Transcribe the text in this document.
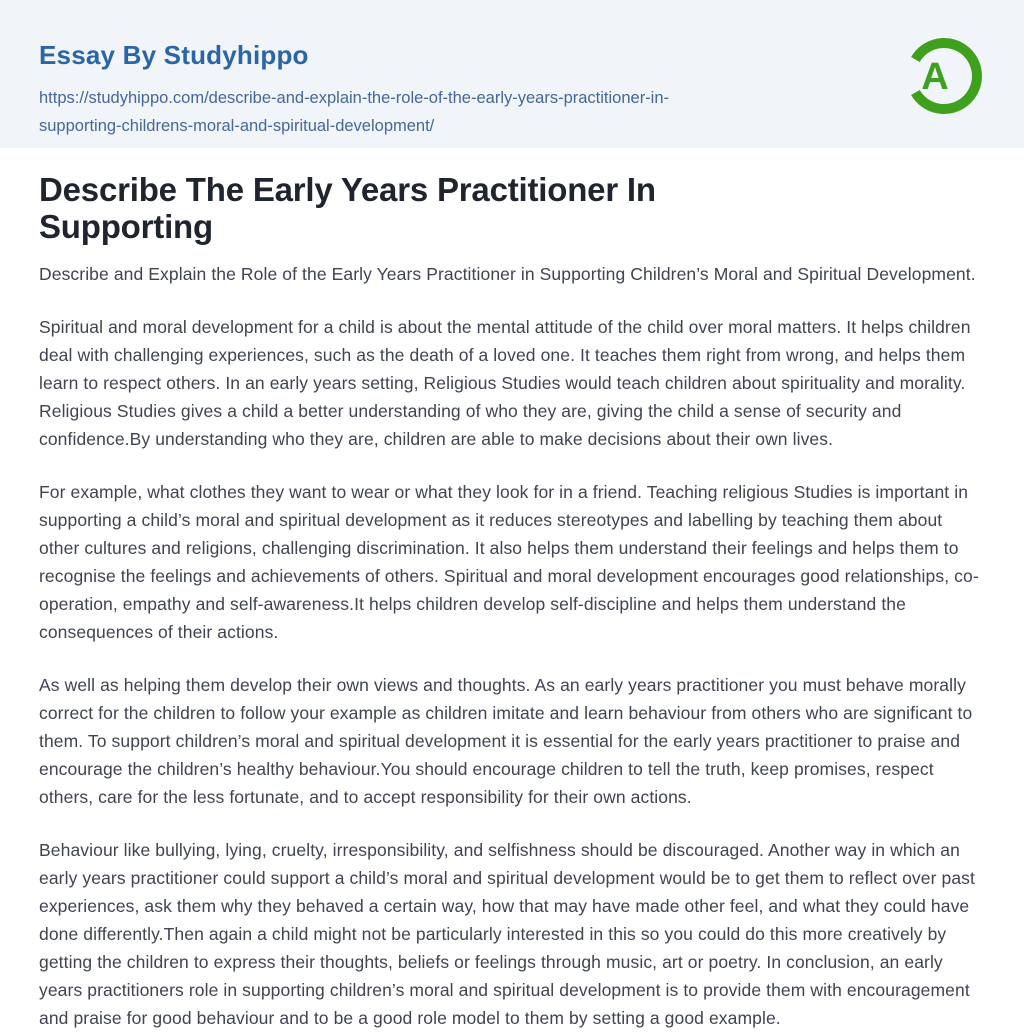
Essay By Studyhippo
https://studyhippo.com/describe-and-explain-the-role-of-the-early-years-practitioner-in-
supporting-childrens-moral-and-spiritual-development/
A
Describe The Early Years Practitioner In
Supporting

Describe and Explain the Role of the Early Years Practitioner in Supporting Children’s Moral and Spiritual Development.

Spiritual and moral development for a child is about the mental attitude of the child over moral matters. It helps children deal with challenging experiences, such as the death of a loved one. It teaches them right from wrong, and helps them learn to respect others. In an early years setting, Religious Studies would teach children about spirituality and morality. Religious Studies gives a child a better understanding of who they are, giving the child a sense of security and confidence.By understanding who they are, children are able to make decisions about their own lives.

For example, what clothes they want to wear or what they look for in a friend. Teaching religious Studies is important in supporting a child’s moral and spiritual development as it reduces stereotypes and labelling by teaching them about other cultures and religions, challenging discrimination. It also helps them understand their feelings and helps them to recognise the feelings and achievements of others. Spiritual and moral development encourages good relationships, co-operation, empathy and self-awareness.It helps children develop self-discipline and helps them understand the consequences of their actions.

As well as helping them develop their own views and thoughts. As an early years practitioner you must behave morally correct for the children to follow your example as children imitate and learn behaviour from others who are significant to them. To support children’s moral and spiritual development it is essential for the early years practitioner to praise and encourage the children’s healthy behaviour.You should encourage children to tell the truth, keep promises, respect others, care for the less fortunate, and to accept responsibility for their own actions.

Behaviour like bullying, lying, cruelty, irresponsibility, and selfishness should be discouraged. Another way in which an early years practitioner could support a child’s moral and spiritual development would be to get them to reflect over past experiences, ask them why they behaved a certain way, how that may have made other feel, and what they could have done differently.Then again a child might not be particularly interested in this so you could do this more creatively by getting the children to express their thoughts, beliefs or feelings through music, art or poetry. In conclusion, an early years practitioners role in supporting children’s moral and spiritual development is to provide them with encouragement and praise for good behaviour and to be a good role model to them by setting a good example.
